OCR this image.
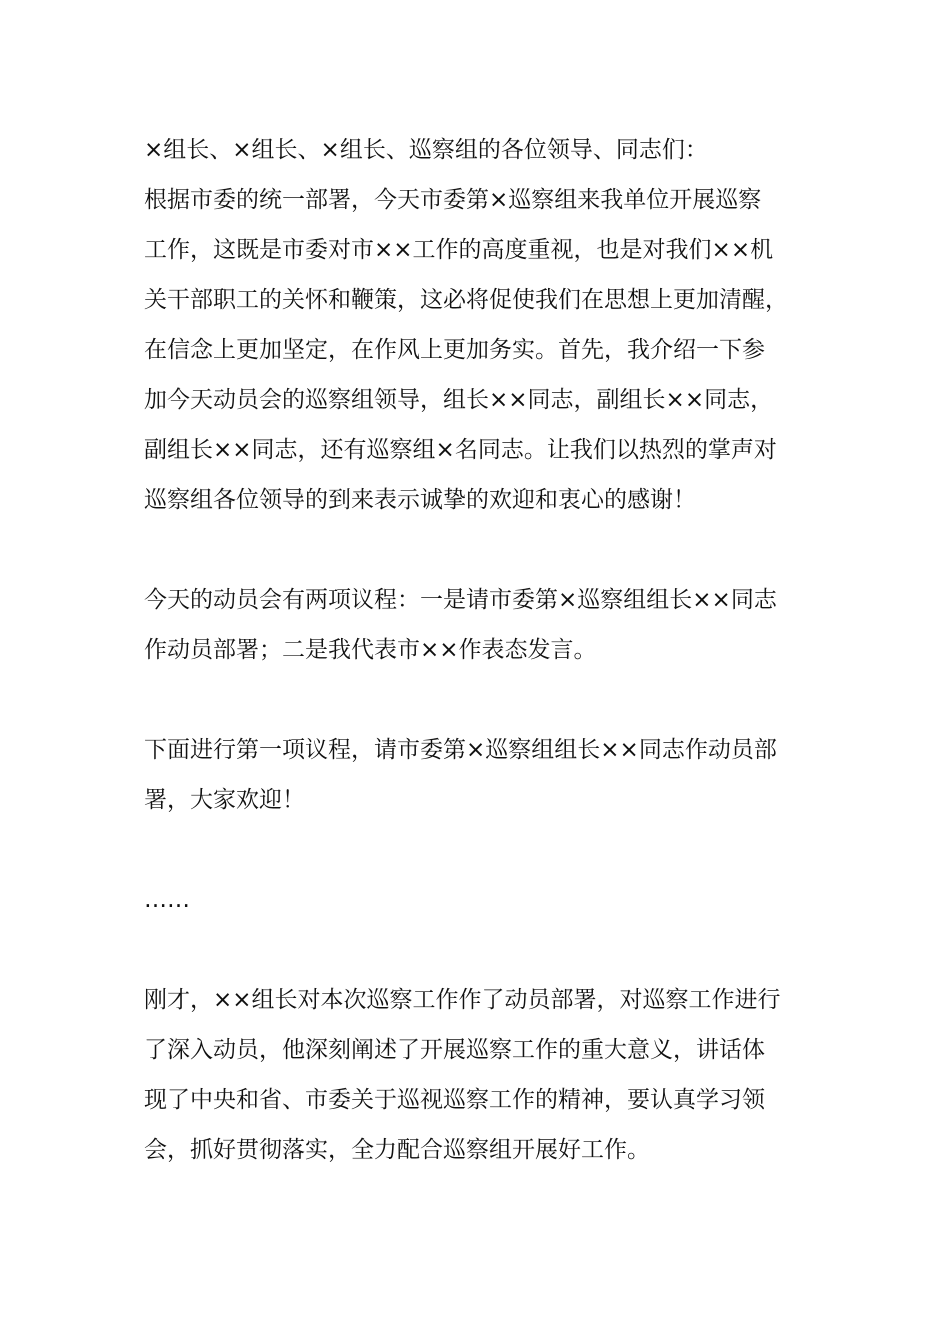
×组长、×组长、×组长、巡察组的各位领导、同志们：

根据市委的统一部署，今天市委第×巡察组来我单位开展巡察
工作，这既是市委对市××工作的高度重视，也是对我们××机
关干部职工的关怀和鞭策，这必将促使我们在思想上更加清醒，
在信念上更加坚定，在作风上更加务实。首先，我介绍一下参
加今天动员会的巡察组领导，组长××同志，副组长××同志，
副组长××同志，还有巡察组×名同志。让我们以热烈的掌声对
巡察组各位领导的到来表示诚挚的欢迎和衷心的感谢！

今天的动员会有两项议程：一是请市委第×巡察组组长××同志
作动员部署；二是我代表市××作表态发言。

下面进行第一项议程，请市委第×巡察组组长××同志作动员部
署，大家欢迎！

……

刚才，××组长对本次巡察工作作了动员部署，对巡察工作进行
了深入动员，他深刻阐述了开展巡察工作的重大意义，讲话体
现了中央和省、市委关于巡视巡察工作的精神，要认真学习领
会，抓好贯彻落实，全力配合巡察组开展好工作。
